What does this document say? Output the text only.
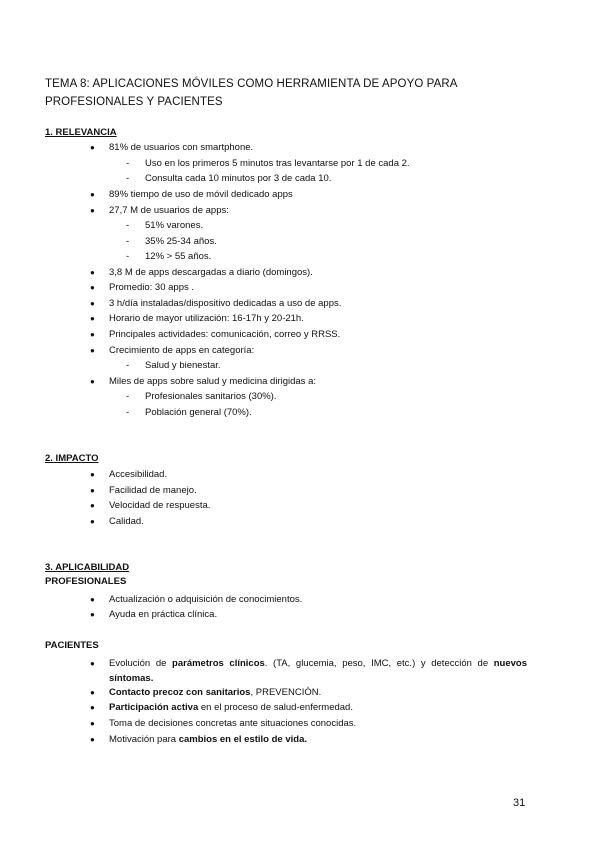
TEMA 8: APLICACIONES MÓVILES COMO HERRAMIENTA DE APOYO PARA PROFESIONALES Y PACIENTES
1. RELEVANCIA
● 81% de usuarios con smartphone.
- Uso en los primeros 5 minutos tras levantarse por 1 de cada 2.
- Consulta cada 10 minutos por 3 de cada 10.
● 89% tiempo de uso de móvil dedicado apps
● 27,7 M de usuarios de apps:
- 51% varones.
- 35% 25-34 años.
- 12% > 55 años.
● 3,8 M de apps descargadas a diario (domingos).
● Promedio: 30 apps .
● 3 h/día instaladas/dispositivo dedicadas a uso de apps.
● Horario de mayor utilización: 16-17h y 20-21h.
● Principales actividades: comunicación, correo y RRSS.
● Crecimiento de apps en categoría:
- Salud y bienestar.
● Miles de apps sobre salud y medicina dirigidas a:
- Profesionales sanitarios (30%).
- Población general (70%).
2. IMPACTO
● Accesibilidad.
● Facilidad de manejo.
● Velocidad de respuesta.
● Calidad.
3. APLICABILIDAD
PROFESIONALES
● Actualización o adquisición de conocimientos.
● Ayuda en práctica clínica.
PACIENTES
● Evolución de parámetros clínicos. (TA, glucemia, peso, IMC, etc.) y detección de nuevos síntomas.
● Contacto precoz con sanitarios, PREVENCIÓN.
● Participación activa en el proceso de salud-enfermedad.
● Toma de decisiones concretas ante situaciones conocidas.
● Motivación para cambios en el estilo de vida.
31
